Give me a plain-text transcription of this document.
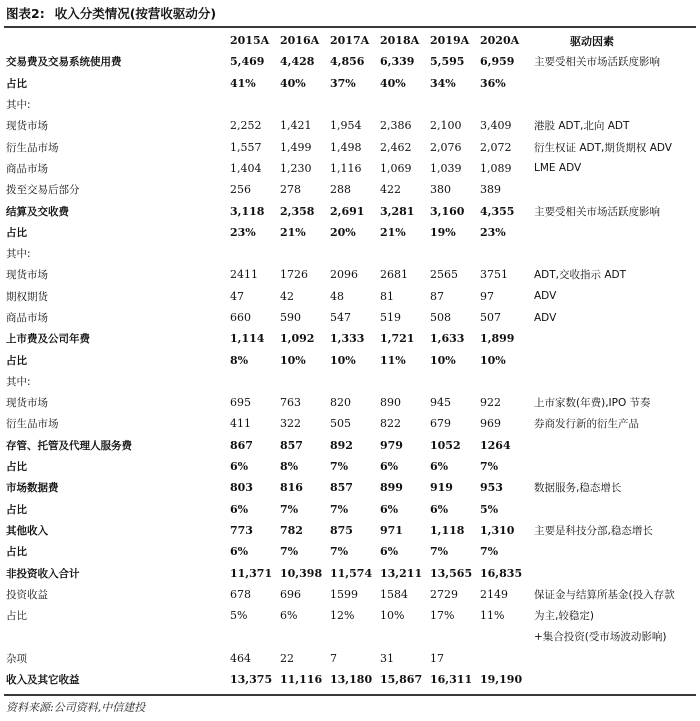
图表2: 收入分类情况(按营收驱动分)
	2015A	2016A	2017A	2018A	2019A	2020A	驱动因素
交易费及交易系统使用费	5,469	4,428	4,856	6,339	5,595	6,959	主要受相关市场活跃度影响
占比	41%	40%	37%	40%	34%	36%	
其中:							
现货市场	2,252	1,421	1,954	2,386	2,100	3,409	港股 ADT,北向 ADT
衍生品市场	1,557	1,499	1,498	2,462	2,076	2,072	衍生权证 ADT,期货期权 ADV
商品市场	1,404	1,230	1,116	1,069	1,039	1,089	LME ADV
拨至交易后部分	256	278	288	422	380	389	
结算及交收费	3,118	2,358	2,691	3,281	3,160	4,355	主要受相关市场活跃度影响
占比	23%	21%	20%	21%	19%	23%	
其中:							
现货市场	2411	1726	2096	2681	2565	3751	ADT,交收指示 ADT
期权期货	47	42	48	81	87	97	ADV
商品市场	660	590	547	519	508	507	ADV
上市费及公司年费	1,114	1,092	1,333	1,721	1,633	1,899	
占比	8%	10%	10%	11%	10%	10%	
其中:							
现货市场	695	763	820	890	945	922	上市家数(年费),IPO 节奏
衍生品市场	411	322	505	822	679	969	券商发行新的衍生产品
存管、托管及代理人服务费	867	857	892	979	1052	1264	
占比	6%	8%	7%	6%	6%	7%	
市场数据费	803	816	857	899	919	953	数据服务,稳态增长
占比	6%	7%	7%	6%	6%	5%	
其他收入	773	782	875	971	1,118	1,310	主要是科技分部,稳态增长
占比	6%	7%	7%	6%	7%	7%	
非投资收入合计	11,371	10,398	11,574	13,211	13,565	16,835	
投资收益	678	696	1599	1584	2729	2149	保证金与结算所基金(投入存款
占比	5%	6%	12%	10%	17%	11%	为主,较稳定)
							+集合投资(受市场波动影响)
杂项	464	22	7	31	17		
收入及其它收益	13,375	11,116	13,180	15,867	16,311	19,190	
资料来源:公司资料,中信建投
